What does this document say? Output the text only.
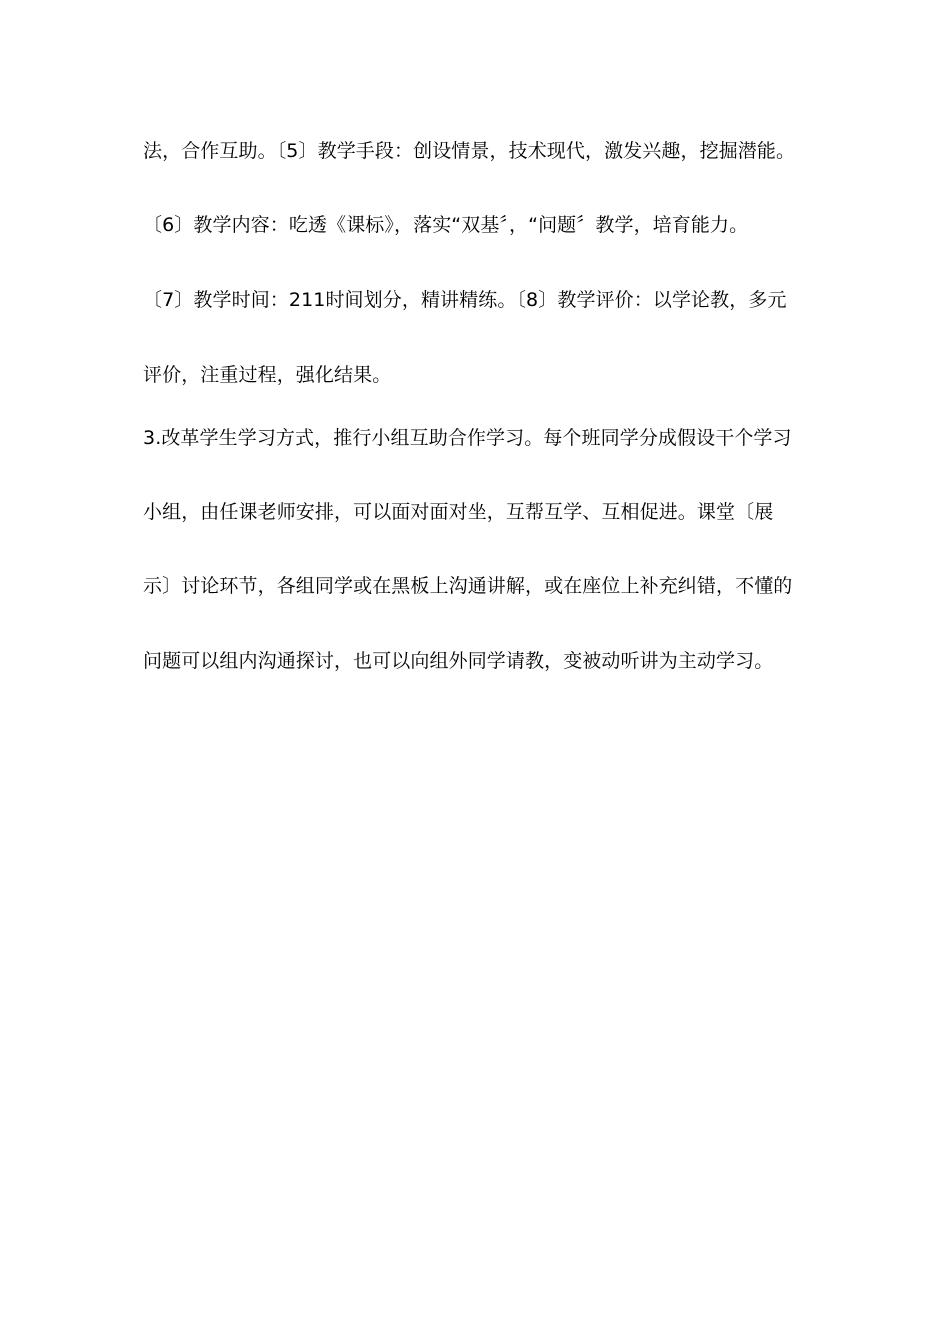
法，合作互助。〔5〕教学手段：创设情景，技术现代，激发兴趣，挖掘潜能。
〔6〕教学内容：吃透《课标》，落实“双基〞，“问题〞教学，培育能力。
〔7〕教学时间：211时间划分，精讲精练。〔8〕教学评价：以学论教，多元
评价，注重过程，强化结果。
3.改革学生学习方式，推行小组互助合作学习。每个班同学分成假设干个学习
小组，由任课老师安排，可以面对面对坐，互帮互学、互相促进。课堂〔展
示〕讨论环节，各组同学或在黑板上沟通讲解，或在座位上补充纠错，不懂的
问题可以组内沟通探讨，也可以向组外同学请教，变被动听讲为主动学习。
